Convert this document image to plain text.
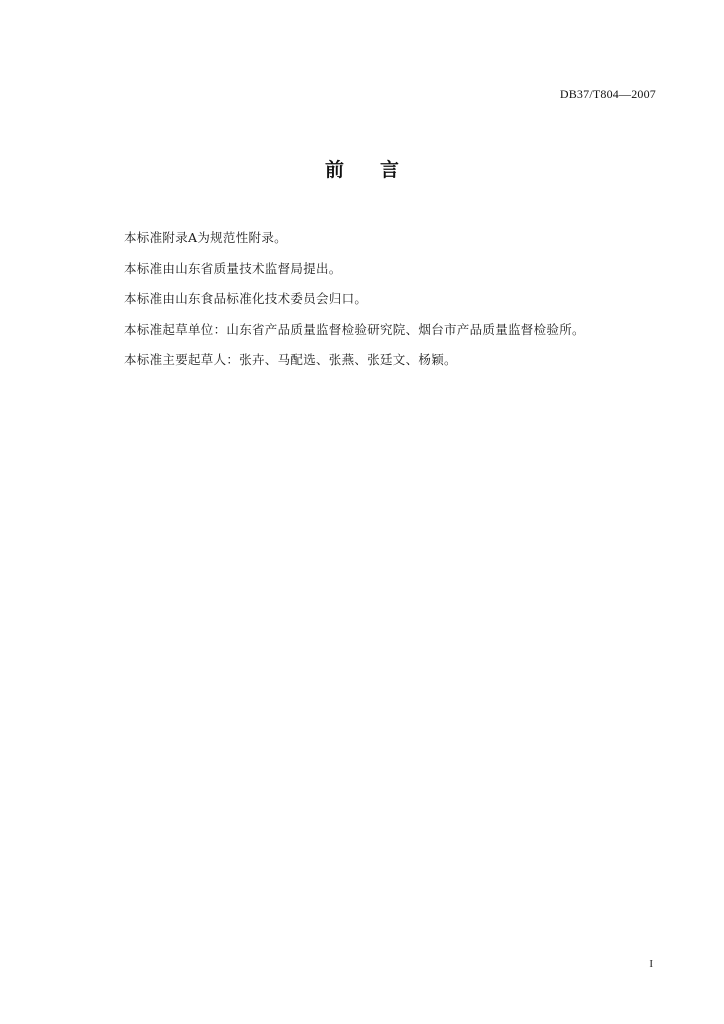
DB37/T804—2007
前言
本标准附录A为规范性附录。
本标准由山东省质量技术监督局提出。
本标准由山东食品标准化技术委员会归口。
本标准起草单位：山东省产品质量监督检验研究院、烟台市产品质量监督检验所。
本标准主要起草人：张卉、马配选、张燕、张廷文、杨颖。
I
